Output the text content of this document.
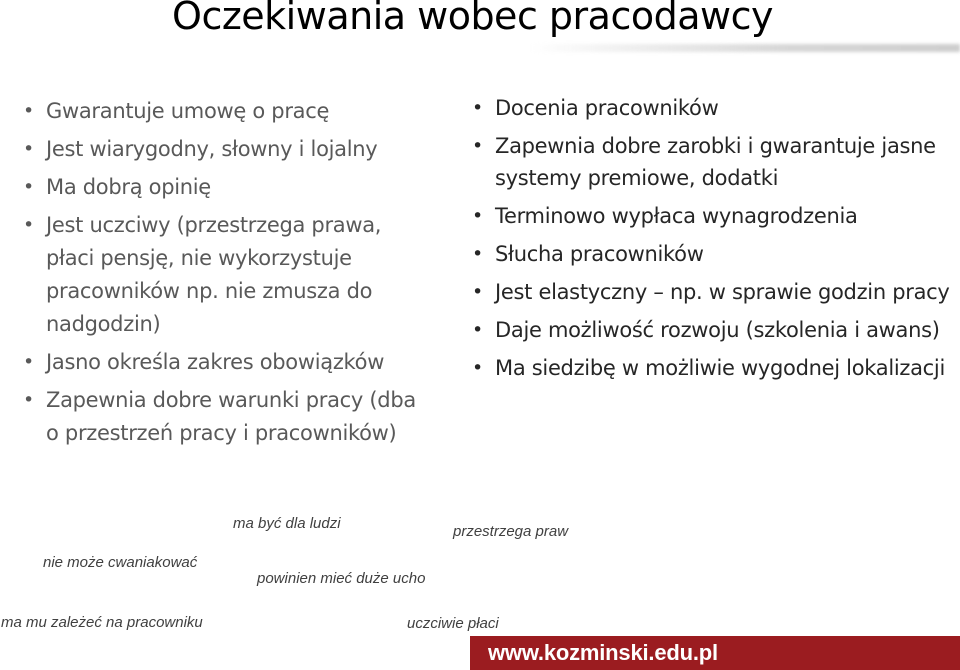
Oczekiwania wobec pracodawcy
• Gwarantuje umowę o pracę
• Jest wiarygodny, słowny i lojalny
• Ma dobrą opinię
• Jest uczciwy (przestrzega prawa, płaci pensję, nie wykorzystuje pracowników np. nie zmusza do nadgodzin)
• Jasno określa zakres obowiązków
• Zapewnia dobre warunki pracy (dba o przestrzeń pracy i pracowników)
• Docenia pracowników
• Zapewnia dobre zarobki i gwarantuje jasne systemy premiowe, dodatki
• Terminowo wypłaca wynagrodzenia
• Słucha pracowników
• Jest elastyczny – np. w sprawie godzin pracy
• Daje możliwość rozwoju (szkolenia i awans)
• Ma siedzibę w możliwie wygodnej lokalizacji
ma być dla ludzi	przestrzega praw
nie może cwaniakować
powinien mieć duże ucho
ma mu zależeć na pracowniku	uczciwie płaci
www.kozminski.edu.pl
